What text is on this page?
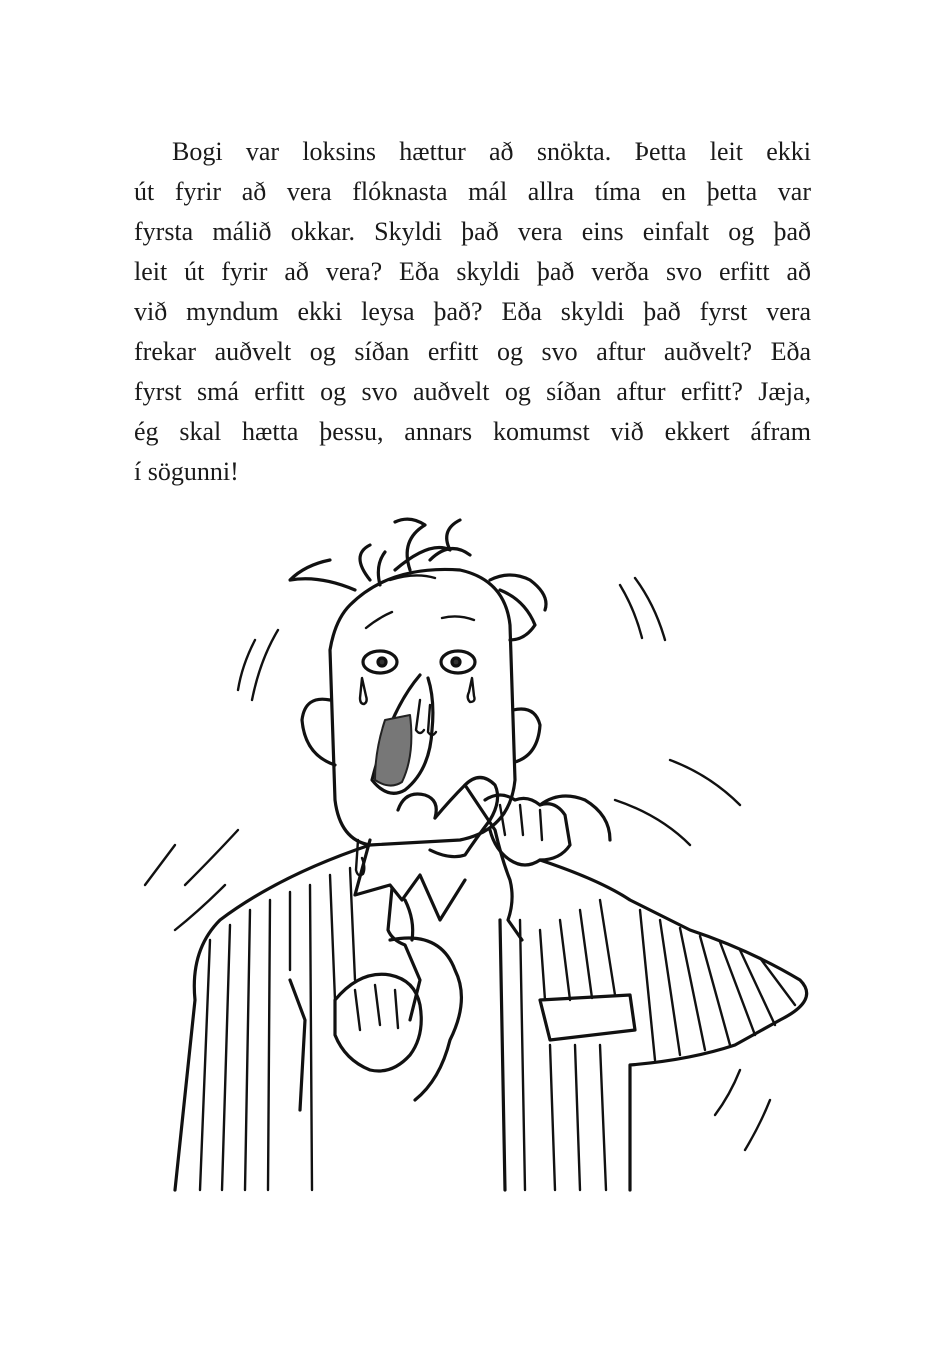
Bogi var loksins hættur að snökta. Þetta leit ekki
út fyrir að vera flóknasta mál allra tíma en þetta var
fyrsta málið okkar. Skyldi það vera eins einfalt og það
leit út fyrir að vera? Eða skyldi það verða svo erfitt að
við myndum ekki leysa það? Eða skyldi það fyrst vera
frekar auðvelt og síðan erfitt og svo aftur auðvelt? Eða
fyrst smá erfitt og svo auðvelt og síðan aftur erfitt? Jæja,
ég skal hætta þessu, annars komumst við ekkert áfram
í sögunni!
